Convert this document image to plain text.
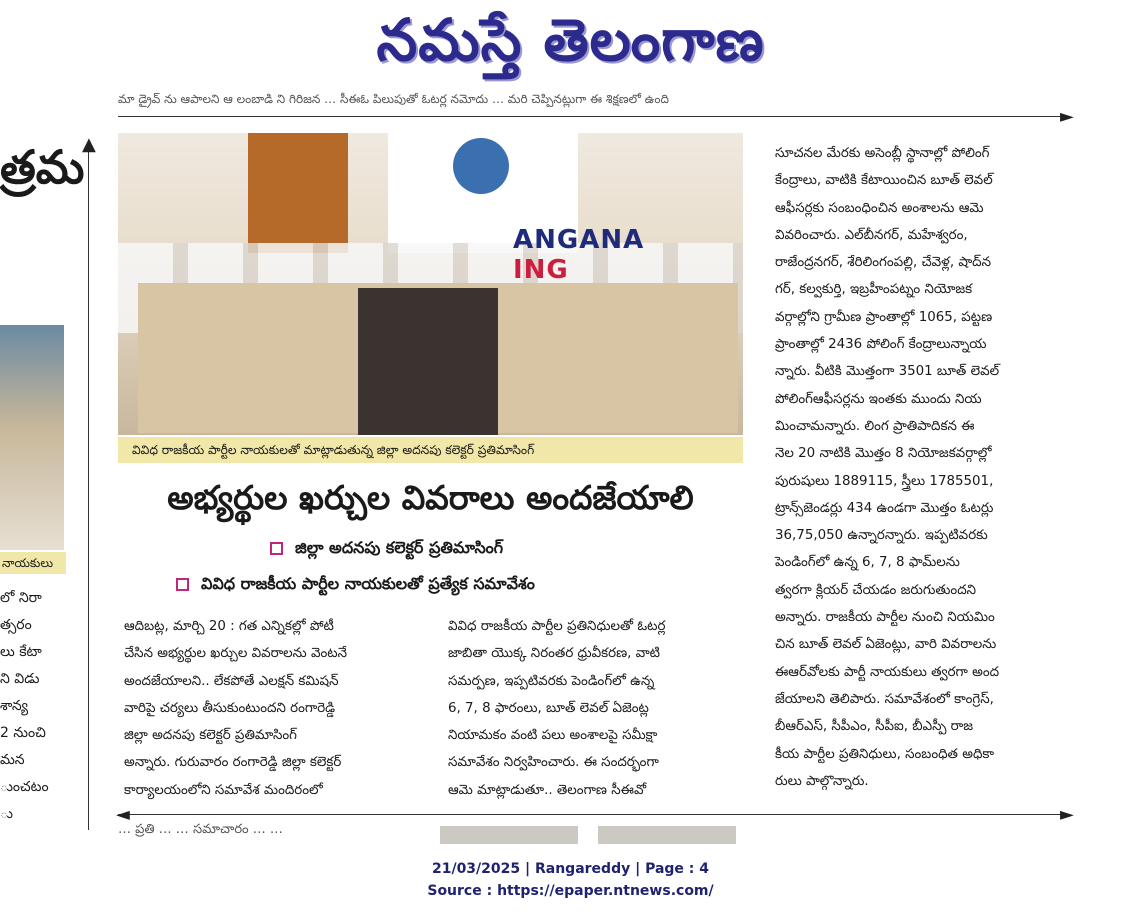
నమస్తే తెలంగాణ
మా డ్రైవ్ ను ఆపాలని ఆ లంబాడి ని గిరిజన … సీఈఓ పిలుపుతో ఓటర్ల నమోదు … మరి చెప్పినట్లుగా ఈ శిక్షణలో ఉంది
►
▲
త్రమ
నాయకులు
లో నిరా
త్సరం
లు కేటా
ని విడు
శాన్య
2 నుంచి
మన
ుంచటం
ు
ANGANA
ING
వివిధ రాజకీయ పార్టీల నాయకులతో మాట్లాడుతున్న జిల్లా అదనపు కలెక్టర్ ప్రతిమాసింగ్
అభ్యర్థుల ఖర్చుల వివరాలు అందజేయాలి
జిల్లా అదనపు కలెక్టర్ ప్రతిమాసింగ్
వివిధ రాజకీయ పార్టీల నాయకులతో ప్రత్యేక సమావేశం
ఆదిబట్ల, మార్చి 20 : గత ఎన్నికల్లో పోటీ
చేసిన అభ్యర్థుల ఖర్చుల వివరాలను వెంటనే
అందజేయాలని.. లేకపోతే ఎలక్షన్ కమిషన్
వారిపై చర్యలు తీసుకుంటుందని రంగారెడ్డి
జిల్లా అదనపు కలెక్టర్ ప్రతిమాసింగ్
అన్నారు. గురువారం రంగారెడ్డి జిల్లా కలెక్టర్
కార్యాలయంలోని సమావేశ మందిరంలో
వివిధ రాజకీయ పార్టీల ప్రతినిధులతో ఓటర్ల
జాబితా యొక్క నిరంతర ధ్రువీకరణ, వాటి
సమర్పణ, ఇప్పటివరకు పెండింగ్‌లో ఉన్న
6, 7, 8 ఫారంలు, బూత్ లెవల్ ఏజెంట్ల
నియామకం వంటి పలు అంశాలపై సమీక్షా
సమావేశం నిర్వహించారు. ఈ సందర్భంగా
ఆమె మాట్లాడుతూ.. తెలంగాణ సీఈవో
సూచనల మేరకు అసెంబ్లీ స్థానాల్లో పోలింగ్
కేంద్రాలు, వాటికి కేటాయించిన బూత్ లెవల్
ఆఫీసర్లకు సంబంధించిన అంశాలను ఆమె
వివరించారు. ఎల్‌బీనగర్, మహేశ్వరం,
రాజేంద్రనగర్, శేరిలింగంపల్లి, చేవెళ్ల, షాద్‌న
గర్, కల్వకుర్తి, ఇబ్రహీంపట్నం నియోజక
వర్గాల్లోని గ్రామీణ ప్రాంతాల్లో 1065, పట్టణ
ప్రాంతాల్లో 2436 పోలింగ్ కేంద్రాలున్నాయ
న్నారు. వీటికి మొత్తంగా 3501 బూత్ లెవల్
పోలింగ్‌ఆఫీసర్లను ఇంతకు ముందు నియ
మించామన్నారు. లింగ ప్రాతిపాదికన ఈ
నెల 20 నాటికి మొత్తం 8 నియోజకవర్గాల్లో
పురుషులు 1889115, స్త్రీలు 1785501,
ట్రాన్స్‌జెండర్లు 434 ఉండగా మొత్తం ఓటర్లు
36,75,050 ఉన్నారన్నారు. ఇప్పటివరకు
పెండింగ్‌లో ఉన్న 6, 7, 8 ఫామ్‌లను
త్వరగా క్లియర్ చేయడం జరుగుతుందని
అన్నారు. రాజకీయ పార్టీల నుంచి నియమిం
చిన బూత్ లెవల్ ఏజెంట్లు, వారి వివరాలను
ఈఆర్‌వోలకు పార్టీ నాయకులు త్వరగా అంద
జేయాలని తెలిపారు. సమావేశంలో కాంగ్రెస్,
బీఆర్ఎస్, సీపీఎం, సీపీఐ, బీఎస్పీ రాజ
కీయ పార్టీల ప్రతినిధులు, సంబంధిత అధికా
రులు పాల్గొన్నారు.
◄	►
… ప్రతి … … సమాచారం … …
21/03/2025 | Rangareddy | Page : 4
Source : https://epaper.ntnews.com/
